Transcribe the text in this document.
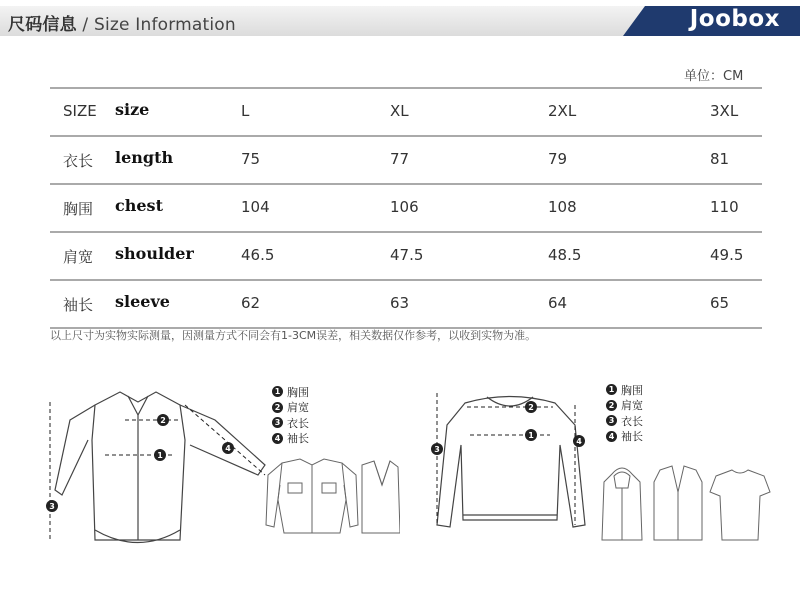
尺码信息 / Size Information	Joobox
单位：CM
SIZE size	L	XL	2XL	3XL
衣长 length	75	77	79	81
胸围 chest	104	106	108	110
肩宽 shoulder	46.5	47.5	48.5	49.5
袖长 sleeve	62	63	64	65
以上尺寸为实物实际测量，因测量方式不同会有1-3CM误差，相关数据仅作参考，以收到实物为准。
1
2
3
4
1 胸围
2 肩宽
3 衣长
4 袖长	1
2
3
4
1 胸围
2 肩宽
3 衣长
4 袖长
